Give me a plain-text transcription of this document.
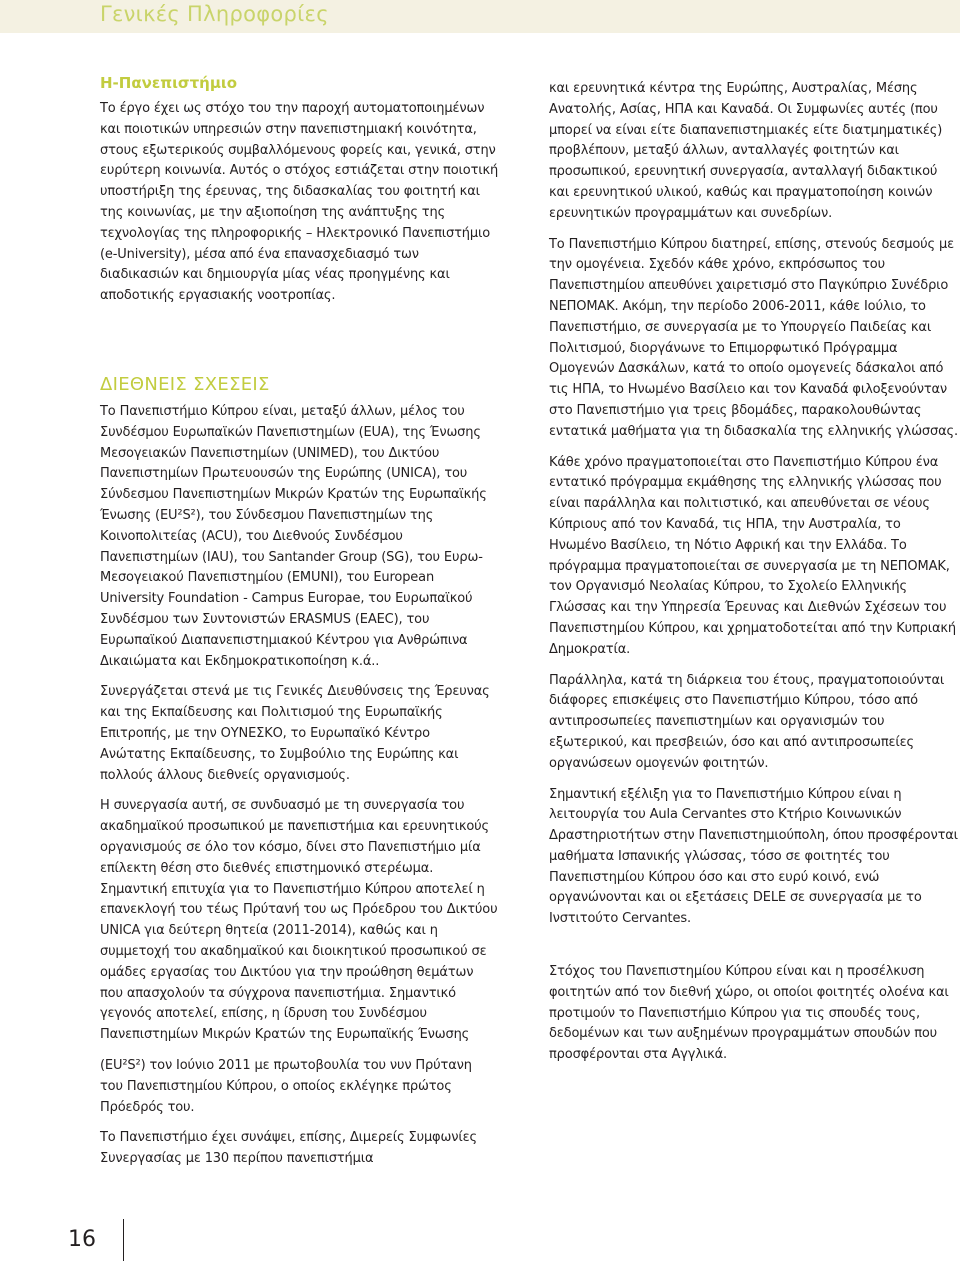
Γενικές Πληροφορίες
Η-Πανεπιστήμιο

Το έργο έχει ως στόχο του την παροχή αυτοματοποιημένων και ποιοτικών υπηρεσιών στην πανεπιστημιακή κοινότητα, στους εξωτερικούς συμβαλλόμενους φορείς και, γενικά, στην ευρύτερη κοινωνία. Αυτός ο στόχος εστιάζεται στην ποιοτική υποστήριξη της έρευνας, της διδασκαλίας του φοιτητή και της κοινωνίας, με την αξιοποίηση της ανάπτυξης της τεχνολογίας της πληροφορικής – Ηλεκτρονικό Πανεπιστήμιο (e-University), μέσα από ένα επανασχεδιασμό των διαδικασιών και δημιουργία μίας νέας προηγμένης και αποδοτικής εργασιακής νοοτροπίας.

ΔΙΕΘΝΕΙΣ ΣΧΕΣΕΙΣ

Το Πανεπιστήμιο Κύπρου είναι, μεταξύ άλλων, μέλος του Συνδέσμου Ευρωπαϊκών Πανεπιστημίων (EUA), της Ένωσης Μεσογειακών Πανεπιστημίων (UNIMED), του Δικτύου Πανεπιστημίων Πρωτευουσών της Ευρώπης (UNICA), του Σύνδεσμου Πανεπιστημίων Μικρών Κρατών της Ευρωπαϊκής Ένωσης (EU²S²), του Σύνδεσμου Πανεπιστημίων της Κοινοπολιτείας (ACU), του Διεθνούς Συνδέσμου Πανεπιστημίων (IAU), του Santander Group (SG), του Ευρω-Μεσογειακού Πανεπιστημίου (EMUNI), του European University Foundation - Campus Europae, του Ευρωπαϊκού Συνδέσμου των Συντονιστών ERASMUS (EAEC), του Ευρωπαϊκού Διαπανεπιστημιακού Κέντρου για Ανθρώπινα Δικαιώματα και Εκδημοκρατικοποίηση κ.ά..

Συνεργάζεται στενά με τις Γενικές Διευθύνσεις της Έρευνας και της Εκπαίδευσης και Πολιτισμού της Ευρωπαϊκής Επιτροπής, με την ΟΥΝΕΣΚΟ, το Ευρωπαϊκό Κέντρο Ανώτατης Εκπαίδευσης, το Συμβούλιο της Ευρώπης και πολλούς άλλους διεθνείς οργανισμούς.

Η συνεργασία αυτή, σε συνδυασμό με τη συνεργασία του ακαδημαϊκού προσωπικού με πανεπιστήμια και ερευνητικούς οργανισμούς σε όλο τον κόσμο, δίνει στο Πανεπιστήμιο μία επίλεκτη θέση στο διεθνές επιστημονικό στερέωμα. Σημαντική επιτυχία για το Πανεπιστήμιο Κύπρου αποτελεί η επανεκλογή του τέως Πρύτανή του ως Πρόεδρου του Δικτύου UNICA για δεύτερη θητεία (2011-2014), καθώς και η συμμετοχή του ακαδημαϊκού και διοικητικού προσωπικού σε ομάδες εργασίας του Δικτύου για την προώθηση θεμάτων που απασχολούν τα σύγχρονα πανεπιστήμια. Σημαντικό γεγονός αποτελεί, επίσης, η ίδρυση του Συνδέσμου Πανεπιστημίων Μικρών Κρατών της Ευρωπαϊκής Ένωσης

(EU²S²) τον Ιούνιο 2011 με πρωτοβουλία του νυν Πρύτανη του Πανεπιστημίου Κύπρου, ο οποίος εκλέγηκε πρώτος Πρόεδρός του.

Το Πανεπιστήμιο έχει συνάψει, επίσης, Διμερείς Συμφωνίες Συνεργασίας με 130 περίπου πανεπιστήμια

και ερευνητικά κέντρα της Ευρώπης, Αυστραλίας, Μέσης Ανατολής, Ασίας, ΗΠΑ και Καναδά. Οι Συμφωνίες αυτές (που μπορεί να είναι είτε διαπανεπιστημιακές είτε διατμηματικές) προβλέπουν, μεταξύ άλλων, ανταλλαγές φοιτητών και προσωπικού, ερευνητική συνεργασία, ανταλλαγή διδακτικού και ερευνητικού υλικού, καθώς και πραγματοποίηση κοινών ερευνητικών προγραμμάτων και συνεδρίων.

Το Πανεπιστήμιο Κύπρου διατηρεί, επίσης, στενούς δεσμούς με την ομογένεια. Σχεδόν κάθε χρόνο, εκπρόσωπος του Πανεπιστημίου απευθύνει χαιρετισμό στο Παγκύπριο Συνέδριο ΝΕΠΟΜΑΚ. Ακόμη, την περίοδο 2006-2011, κάθε Ιούλιο, το Πανεπιστήμιο, σε συνεργασία με το Υπουργείο Παιδείας και Πολιτισμού, διοργάνωνε το Επιμορφωτικό Πρόγραμμα Ομογενών Δασκάλων, κατά το οποίο ομογενείς δάσκαλοι από τις ΗΠΑ, το Ηνωμένο Βασίλειο και τον Καναδά φιλοξενούνταν στο Πανεπιστήμιο για τρεις βδομάδες, παρακολουθώντας εντατικά μαθήματα για τη διδασκαλία της ελληνικής γλώσσας.

Κάθε χρόνο πραγματοποιείται στο Πανεπιστήμιο Κύπρου ένα εντατικό πρόγραμμα εκμάθησης της ελληνικής γλώσσας που είναι παράλληλα και πολιτιστικό, και απευθύνεται σε νέους Κύπριους από τον Καναδά, τις ΗΠΑ, την Αυστραλία, το Ηνωμένο Βασίλειο, τη Νότιο Αφρική και την Ελλάδα. Το πρόγραμμα πραγματοποιείται σε συνεργασία με τη ΝΕΠΟΜΑΚ, τον Οργανισμό Νεολαίας Κύπρου, το Σχολείο Ελληνικής Γλώσσας και την Υπηρεσία Έρευνας και Διεθνών Σχέσεων του Πανεπιστημίου Κύπρου, και χρηματοδοτείται από την Κυπριακή Δημοκρατία.

Παράλληλα, κατά τη διάρκεια του έτους, πραγματοποιούνται διάφορες επισκέψεις στο Πανεπιστήμιο Κύπρου, τόσο από αντιπροσωπείες πανεπιστημίων και οργανισμών του εξωτερικού, και πρεσβειών, όσο και από αντιπροσωπείες οργανώσεων ομογενών φοιτητών.

Σημαντική εξέλιξη για το Πανεπιστήμιο Κύπρου είναι η λειτουργία του Aula Cervantes στο Κτήριο Κοινωνικών Δραστηριοτήτων στην Πανεπιστημιούπολη, όπου προσφέρονται μαθήματα Ισπανικής γλώσσας, τόσο σε φοιτητές του Πανεπιστημίου Κύπρου όσο και στο ευρύ κοινό, ενώ οργανώνονται και οι εξετάσεις DELE σε συνεργασία με το Ινστιτούτο Cervantes.

Στόχος του Πανεπιστημίου Κύπρου είναι και η προσέλκυση φοιτητών από τον διεθνή χώρο, οι οποίοι φοιτητές ολοένα και προτιμούν το Πανεπιστήμιο Κύπρου για τις σπουδές τους, δεδομένων και των αυξημένων προγραμμάτων σπουδών που προσφέρονται στα Αγγλικά.

16
